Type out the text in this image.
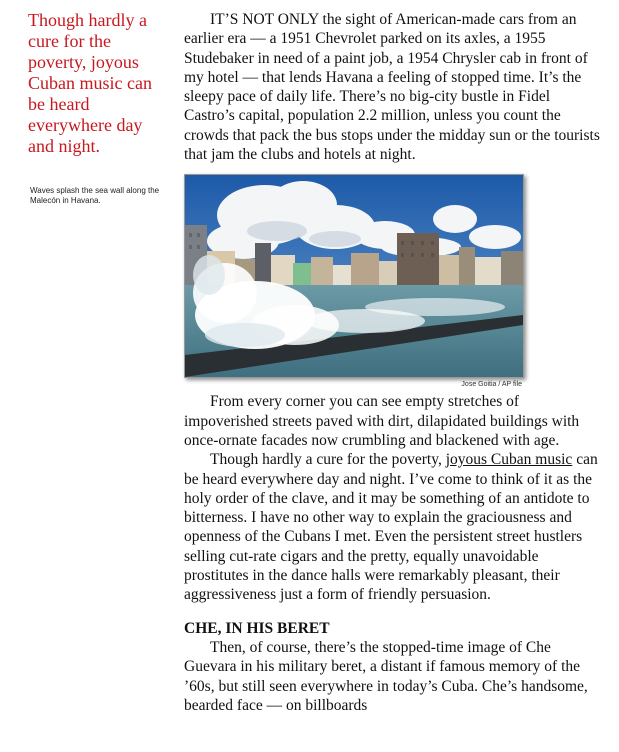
Though hardly a cure for the poverty, joyous Cuban music can be heard everywhere day and night.
Waves splash the sea wall along the Malecón in Havana.

IT’S NOT ONLY the sight of American-made cars from an earlier era — a 1951 Chevrolet parked on its axles, a 1955 Studebaker in need of a paint job, a 1954 Chrysler cab in front of my hotel — that lends Havana a feeling of stopped time. It’s the sleepy pace of daily life. There’s no big-city bustle in Fidel Castro’s capital, population 2.2 million, unless you count the crowds that pack the bus stops under the midday sun or the tourists that jam the clubs and hotels at night.

Jose Goitia / AP file

From every corner you can see empty stretches of impoverished streets paved with dirt, dilapidated buildings with once-ornate facades now crumbling and blackened with age.

Though hardly a cure for the poverty, joyous Cuban music can be heard everywhere day and night. I’ve come to think of it as the holy order of the clave, and it may be something of an antidote to bitterness. I have no other way to explain the graciousness and openness of the Cubans I met. Even the persistent street hustlers selling cut-rate cigars and the pretty, equally unavoidable prostitutes in the dance halls were remarkably pleasant, their aggressiveness just a form of friendly persuasion.

CHE, IN HIS BERET

Then, of course, there’s the stopped-time image of Che Guevara in his military beret, a distant if famous memory of the ’60s, but still seen everywhere in today’s Cuba. Che’s handsome, bearded face — on billboards
